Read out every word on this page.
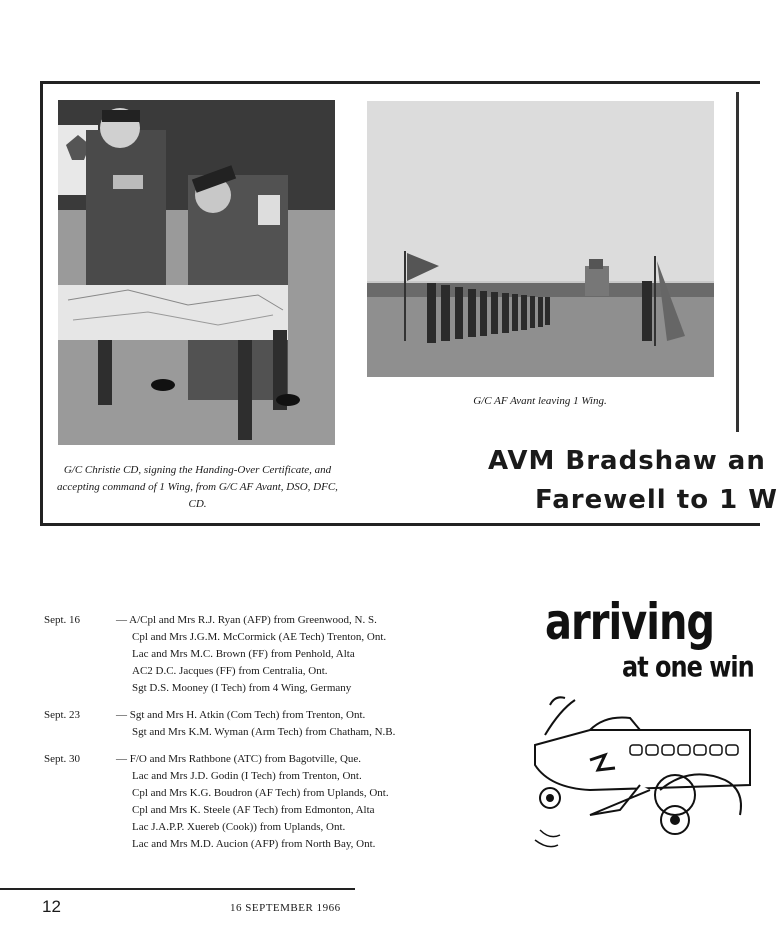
G/C Christie CD, signing the Handing-Over Certificate, and accepting command of 1 Wing, from G/C AF Avant, DSO, DFC, CD.
G/C AF Avant leaving 1 Wing.
AVM Bradshaw an
Farewell to 1 W
Sept. 16	— A/Cpl and Mrs R.J. Ryan (AFP) from Greenwood, N. S.
Cpl and Mrs J.G.M. McCormick (AE Tech) Trenton, Ont.
Lac and Mrs M.C. Brown (FF) from Penhold, Alta
AC2 D.C. Jacques (FF) from Centralia, Ont.
Sgt D.S. Mooney (I Tech) from 4 Wing, Germany
Sept. 23	— Sgt and Mrs H. Atkin (Com Tech) from Trenton, Ont.
Sgt and Mrs K.M. Wyman (Arm Tech) from Chatham, N.B.
Sept. 30	— F/O and Mrs Rathbone (ATC) from Bagotville, Que.
Lac and Mrs J.D. Godin (I Tech) from Trenton, Ont.
Cpl and Mrs K.G. Boudron (AF Tech) from Uplands, Ont.
Cpl and Mrs K. Steele (AF Tech) from Edmonton, Alta
Lac J.A.P.P. Xuereb (Cook)) from Uplands, Ont.
Lac and Mrs M.D. Aucion (AFP) from North Bay, Ont.
arriving
at one win
12	16 SEPTEMBER 1966
